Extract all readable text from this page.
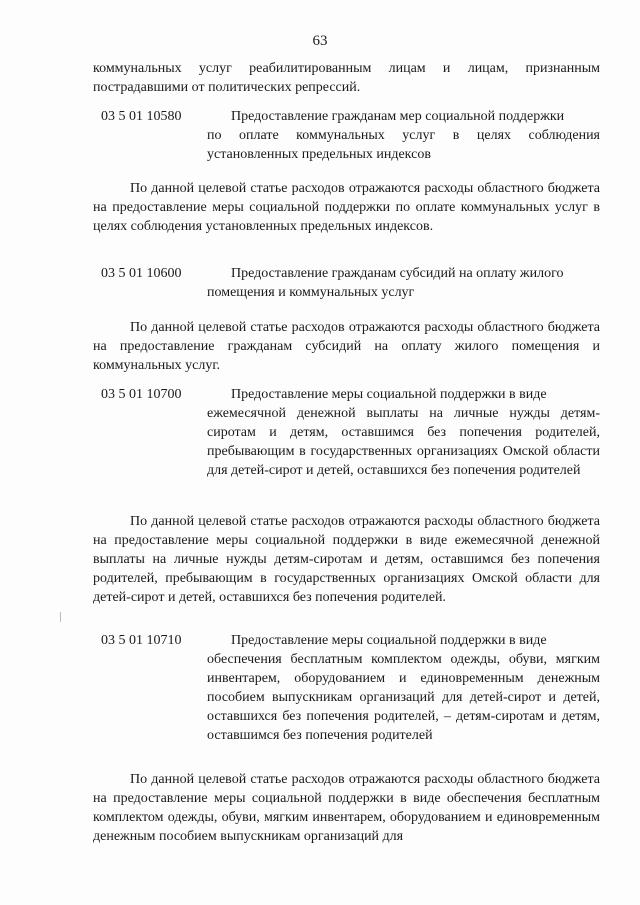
63
коммунальных услуг реабилитированным лицам и лицам, признанным пострадавшими от политических репрессий.
03 5 01 10580	Предоставление гражданам мер социальной поддержки
по оплате коммунальных услуг в целях соблюдения установленных предельных индексов
По данной целевой статье расходов отражаются расходы областного бюджета на предоставление меры социальной поддержки по оплате коммунальных услуг в целях соблюдения установленных предельных индексов.
03 5 01 10600	Предоставление гражданам субсидий на оплату жилого
помещения и коммунальных услуг
По данной целевой статье расходов отражаются расходы областного бюджета на предоставление гражданам субсидий на оплату жилого помещения и коммунальных услуг.
03 5 01 10700	Предоставление меры социальной поддержки в виде
ежемесячной денежной выплаты на личные нужды детям-сиротам и детям, оставшимся без попечения родителей, пребывающим в государственных организациях Омской области для детей-сирот и детей, оставшихся без попечения родителей
По данной целевой статье расходов отражаются расходы областного бюджета на предоставление меры социальной поддержки в виде ежемесячной денежной выплаты на личные нужды детям-сиротам и детям, оставшимся без попечения родителей, пребывающим в государственных организациях Омской области для детей-сирот и детей, оставшихся без попечения родителей.
03 5 01 10710	Предоставление меры социальной поддержки в виде
обеспечения бесплатным комплектом одежды, обуви, мягким инвентарем, оборудованием и единовременным денежным пособием выпускникам организаций для детей-сирот и детей, оставшихся без попечения родителей, – детям-сиротам и детям, оставшимся без попечения родителей
По данной целевой статье расходов отражаются расходы областного бюджета на предоставление меры социальной поддержки в виде обеспечения бесплатным комплектом одежды, обуви, мягким инвентарем, оборудованием и единовременным денежным пособием выпускникам организаций для
